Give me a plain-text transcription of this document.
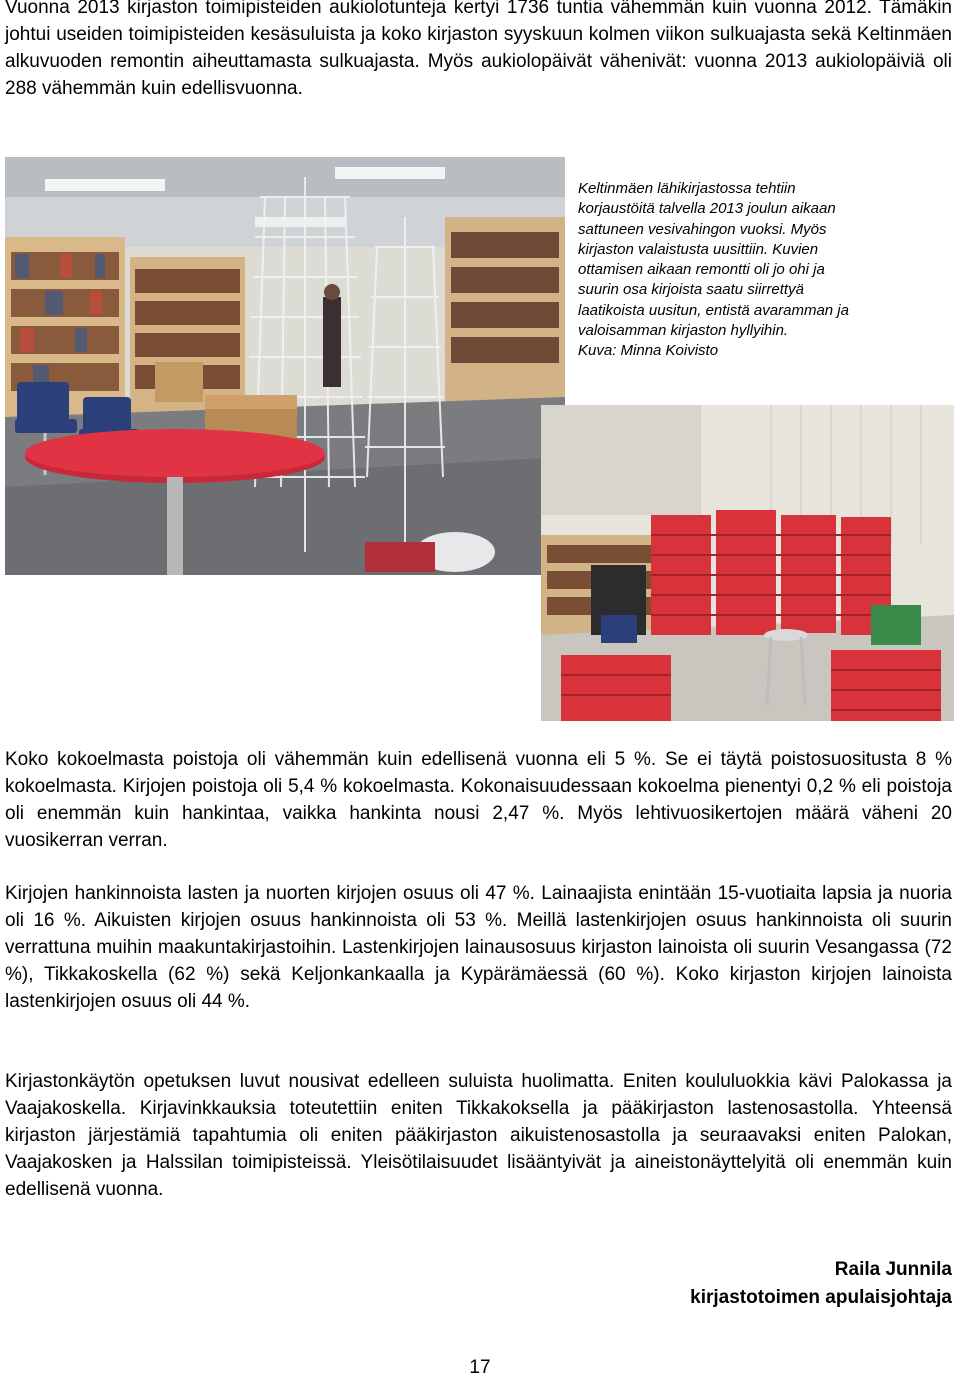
Vuonna 2013 kirjaston toimipisteiden aukiolotunteja kertyi 1736 tuntia vähemmän kuin vuonna 2012. Tämäkin johtui useiden toimipisteiden kesäsuluista ja koko kirjaston syyskuun kolmen viikon sulkuajasta sekä Keltinmäen alkuvuoden remontin aiheuttamasta sulkuajasta. Myös aukiolopäivät vähenivät: vuonna 2013 aukiolopäiviä oli 288 vähemmän kuin edellisvuonna.

Keltinmäen lähikirjastossa tehtiin korjaustöitä talvella 2013 joulun aikaan sattuneen vesivahingon vuoksi. Myös kirjaston valaistusta uusittiin. Kuvien ottamisen aikaan remontti oli jo ohi ja suurin osa kirjoista saatu siirrettyä laatikoista uusitun, entistä avaramman ja valoisamman kirjaston hyllyihin.
Kuva: Minna Koivisto

Koko kokoelmasta poistoja oli vähemmän kuin edellisenä vuonna eli 5 %. Se ei täytä poistosuositusta 8 % kokoelmasta. Kirjojen poistoja oli 5,4 % kokoelmasta. Kokonaisuudessaan kokoelma pienentyi 0,2 % eli poistoja oli enemmän kuin hankintaa, vaikka hankinta nousi 2,47 %. Myös lehtivuosikertojen määrä väheni 20 vuosikerran verran.

Kirjojen hankinnoista lasten ja nuorten kirjojen osuus oli 47 %. Lainaajista enintään 15-vuotiaita lapsia ja nuoria oli 16 %. Aikuisten kirjojen osuus hankinnoista oli 53 %. Meillä lastenkirjojen osuus hankinnoista oli suurin verrattuna muihin maakuntakirjastoihin. Lastenkirjojen lainausosuus kirjaston lainoista oli suurin Vesangassa (72 %), Tikkakoskella (62 %) sekä Keljonkankaalla ja Kypärämäessä (60 %). Koko kirjaston kirjojen lainoista lastenkirjojen osuus oli 44 %.

Kirjastonkäytön opetuksen luvut nousivat edelleen suluista huolimatta. Eniten koululuokkia kävi Palokassa ja Vaajakoskella. Kirjavinkkauksia toteutettiin eniten Tikkakoksella ja pääkirjaston lastenosastolla. Yhteensä kirjaston järjestämiä tapahtumia oli eniten pääkirjaston aikuistenosastolla ja seuraavaksi eniten Palokan, Vaajakosken ja Halssilan toimipisteissä. Yleisötilaisuudet lisääntyivät ja aineistonäyttelyitä oli enemmän kuin edellisenä vuonna.

Raila Junnila
kirjastotoimen apulaisjohtaja
17
